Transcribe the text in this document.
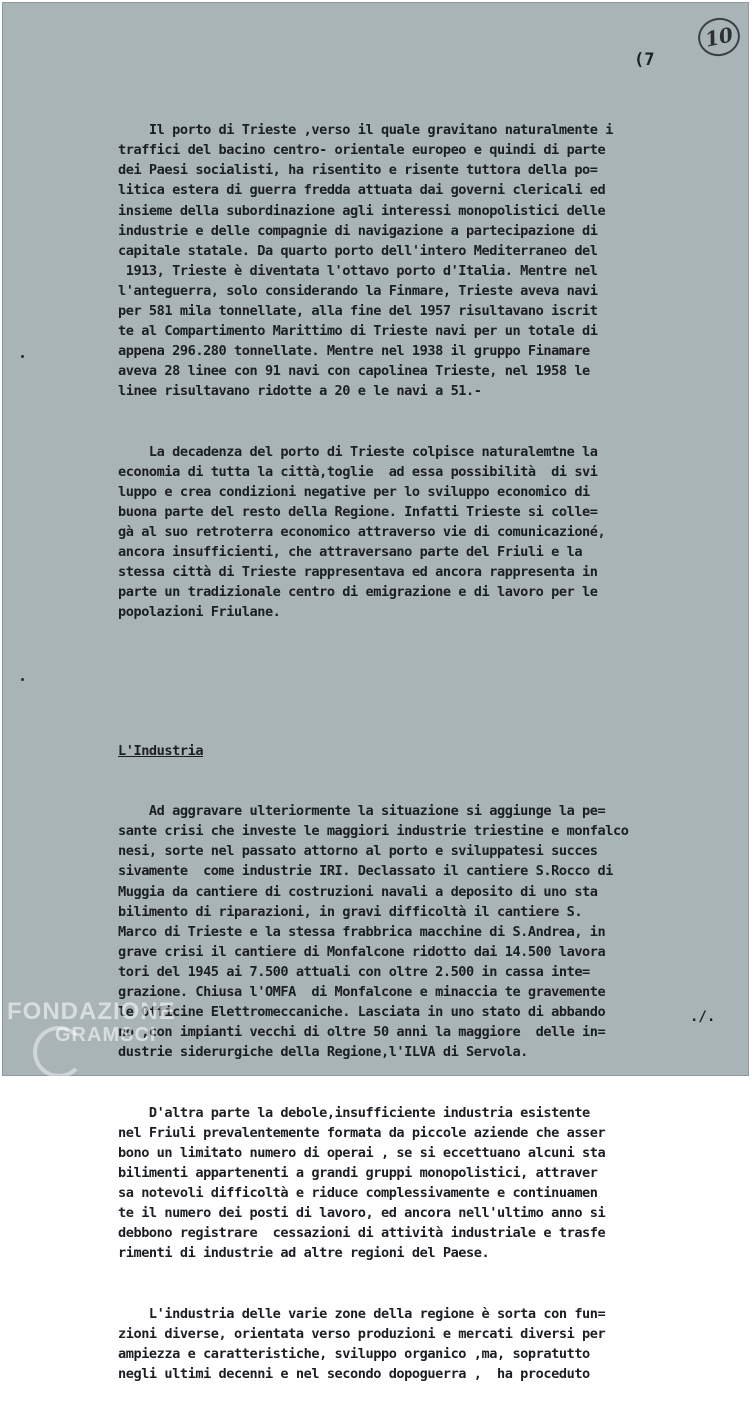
10
(7

Il porto di Trieste ,verso il quale gravitano naturalmente i
traffici del bacino centro- orientale europeo e quindi di parte
dei Paesi socialisti, ha risentito e risente tuttora della po=
litica estera di guerra fredda attuata dai governi clericali ed
insieme della subordinazione agli interessi monopolistici delle
industrie e delle compagnie di navigazione a partecipazione di
capitale statale. Da quarto porto dell'intero Mediterraneo del
1913, Trieste è diventata l'ottavo porto d'Italia. Mentre nel
l'anteguerra, solo considerando la Finmare, Trieste aveva navi
per 581 mila tonnellate, alla fine del 1957 risultavano iscrit
te al Compartimento Marittimo di Trieste navi per un totale di
appena 296.280 tonnellate. Mentre nel 1938 il gruppo Finamare
aveva 28 linee con 91 navi con capolinea Trieste, nel 1958 le
linee risultavano ridotte a 20 e le navi a 51.-

La decadenza del porto di Trieste colpisce naturalemtne la
economia di tutta la città,toglie  ad essa possibilità  di svi
luppo e crea condizioni negative per lo sviluppo economico di
buona parte del resto della Regione. Infatti Trieste si colle=
gà al suo retroterra economico attraverso vie di comunicazioné,
ancora insufficienti, che attraversano parte del Friuli e la
stessa città di Trieste rappresentava ed ancora rappresenta in
parte un tradizionale centro di emigrazione e di lavoro per le
popolazioni Friulane.

L'Industria

Ad aggravare ulteriormente la situazione si aggiunge la pe=
sante crisi che investe le maggiori industrie triestine e monfalco
nesi, sorte nel passato attorno al porto e sviluppatesi succes
sivamente  come industrie IRI. Declassato il cantiere S.Rocco di
Muggia da cantiere di costruzioni navali a deposito di uno sta
bilimento di riparazioni, in gravi difficoltà il cantiere S.
Marco di Trieste e la stessa frabbrica macchine di S.Andrea, in
grave crisi il cantiere di Monfalcone ridotto dai 14.500 lavora
tori del 1945 ai 7.500 attuali con oltre 2.500 in cassa inte=
grazione. Chiusa l'OMFA  di Monfalcone e minaccia te gravemente
le Officine Elettromeccaniche. Lasciata in uno stato di abbando
no ,con impianti vecchi di oltre 50 anni la maggiore  delle in=
dustrie siderurgiche della Regione,l'ILVA di Servola.

D'altra parte la debole,insufficiente industria esistente
nel Friuli prevalentemente formata da piccole aziende che asser
bono un limitato numero di operai , se si eccettuano alcuni sta
bilimenti appartenenti a grandi gruppi monopolistici, attraver
sa notevoli difficoltà e riduce complessivamente e continuamen
te il numero dei posti di lavoro, ed ancora nell'ultimo anno si
debbono registrare  cessazioni di attività industriale e trasfe
rimenti di industrie ad altre regioni del Paese.

L'industria delle varie zone della regione è sorta con fun=
zioni diverse, orientata verso produzioni e mercati diversi per
ampiezza e caratteristiche, sviluppo organico ,ma, sopratutto
negli ultimi decenni e nel secondo dopoguerra ,  ha proceduto

./.
FONDAZIONE
GRAMSCI
